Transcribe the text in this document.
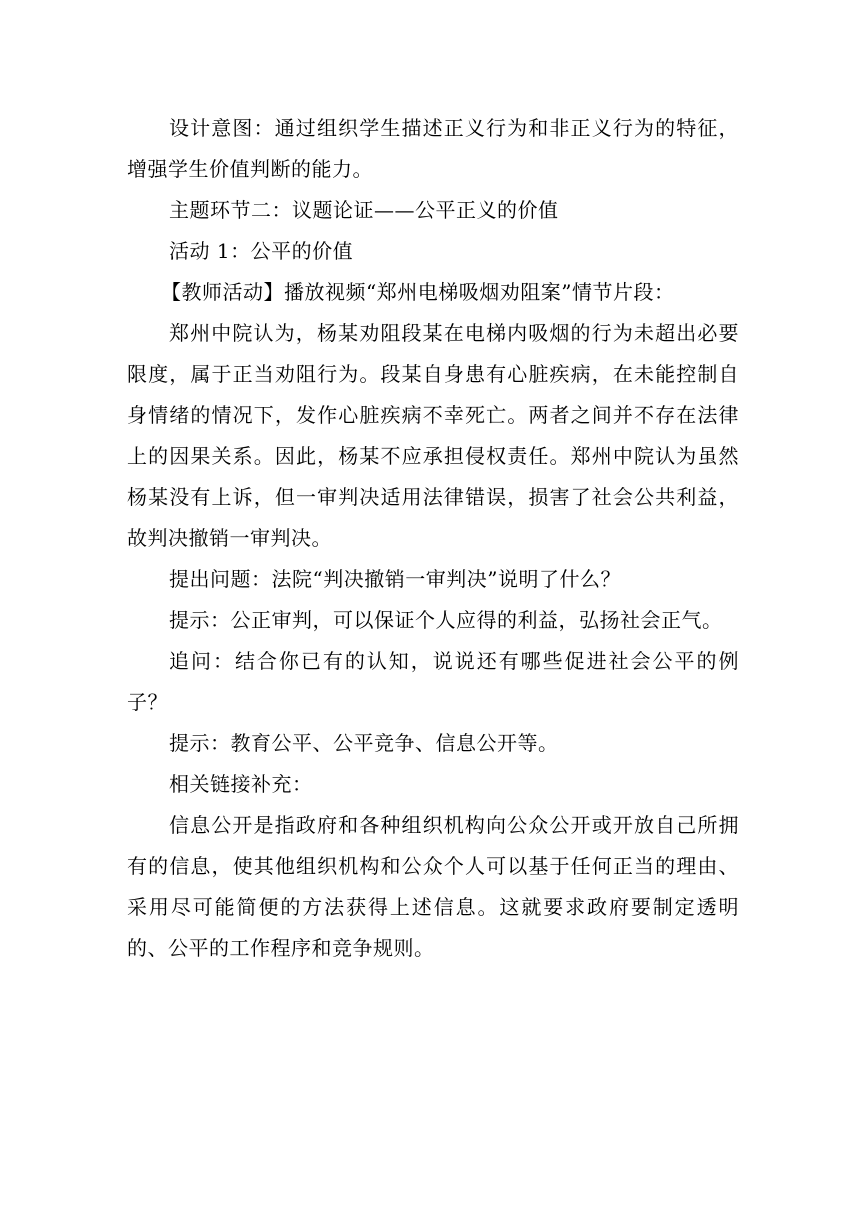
设计意图：通过组织学生描述正义行为和非正义行为的特征，增强学生价值判断的能力。

主题环节二：议题论证——公平正义的价值

活动 1：公平的价值

【教师活动】播放视频“郑州电梯吸烟劝阻案”情节片段：

郑州中院认为，杨某劝阻段某在电梯内吸烟的行为未超出必要限度，属于正当劝阻行为。段某自身患有心脏疾病，在未能控制自身情绪的情况下，发作心脏疾病不幸死亡。两者之间并不存在法律上的因果关系。因此，杨某不应承担侵权责任。郑州中院认为虽然杨某没有上诉，但一审判决适用法律错误，损害了社会公共利益，故判决撤销一审判决。

提出问题：法院“判决撤销一审判决”说明了什么？

提示：公正审判，可以保证个人应得的利益，弘扬社会正气。

追问：结合你已有的认知，说说还有哪些促进社会公平的例子？

提示：教育公平、公平竞争、信息公开等。

相关链接补充：

信息公开是指政府和各种组织机构向公众公开或开放自己所拥有的信息，使其他组织机构和公众个人可以基于任何正当的理由、采用尽可能简便的方法获得上述信息。这就要求政府要制定透明的、公平的工作程序和竞争规则。
